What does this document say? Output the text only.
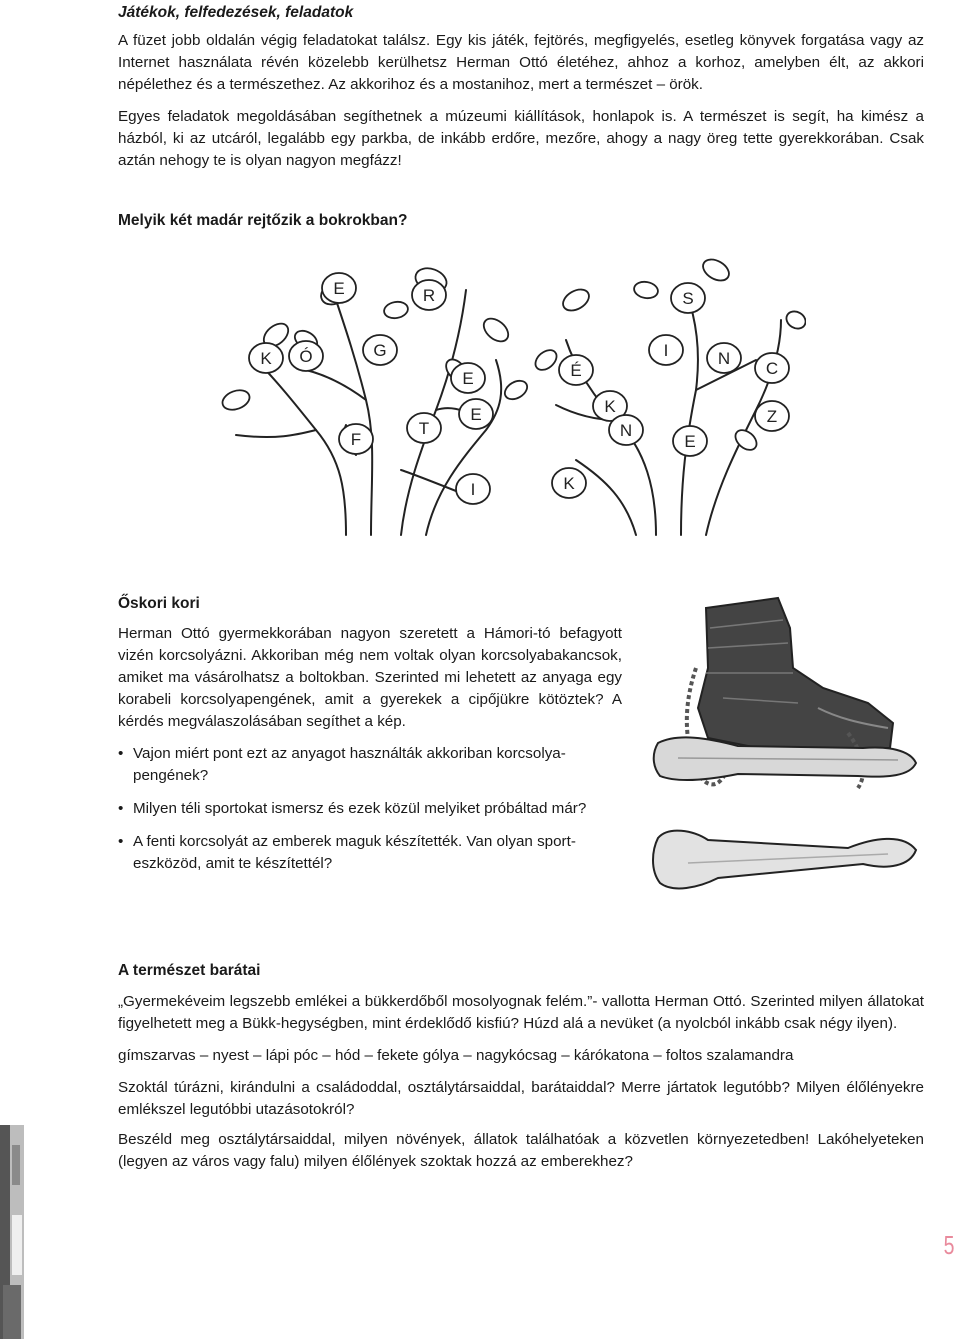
Játékok, felfedezések, feladatok

A füzet jobb oldalán végig feladatokat találsz. Egy kis játék, fejtörés, megfigyelés, esetleg könyvek forgatása vagy az Internet használata révén közelebb kerülhetsz Herman Ottó életéhez, ahhoz a korhoz, amelyben élt, az akkori népélethez és a természethez. Az akkorihoz és a mostanihoz, mert a természet – örök.

Egyes feladatok megoldásában segíthetnek a múzeumi kiállítások, honlapok is. A természet is segít, ha kimész a házból, ki az utcáról, legalább egy parkba, de inkább erdőre, mezőre, ahogy a nagy öreg tette gyerekkorában. Csak aztán nehogy te is olyan nagyon megfázz!

Melyik két madár rejtőzik a bokrokban?
E	R
K Ó	G
E
E
F
T
I
S
I
É
N
C
K
N
E
Z
K
Őskori kori

Herman Ottó gyermekkorában nagyon szeretett a Hámori-tó befagyott vizén korcsolyázni. Akkoriban még nem voltak olyan korcsolyabakancsok, amiket ma vásárolhatsz a boltokban. Szerinted mi lehetett az anyaga egy korabeli korcsolyapengének, amit a gyerekek a cipőjükre kötöztek? A kérdés megválaszolásában segíthet a kép.

• Vajon miért pont ezt az anyagot használták akkoriban korcsolya-pengének?
• Milyen téli sportokat ismersz és ezek közül melyiket próbáltad már?
• A fenti korcsolyát az emberek maguk készítették. Van olyan sport-eszközöd, amit te készítettél?
A természet barátai

„Gyermekéveim legszebb emlékei a bükkerdőből mosolyognak felém.”- vallotta Herman Ottó. Szerinted milyen állatokat figyelhetett meg a Bükk-hegységben, mint érdeklődő kisfiú? Húzd alá a nevüket (a nyolcból inkább csak négy ilyen).

gímszarvas – nyest – lápi póc – hód – fekete gólya – nagykócsag – kárókatona – foltos szalamandra

Szoktál túrázni, kirándulni a családoddal, osztálytársaiddal, barátaiddal? Merre jártatok legutóbb? Milyen élőlényekre emlékszel legutóbbi utazásotokról?

Beszéld meg osztálytársaiddal, milyen növények, állatok találhatóak a közvetlen környezetedben! Lakóhelyeteken (legyen az város vagy falu) milyen élőlények szoktak hozzá az emberekhez?

5
